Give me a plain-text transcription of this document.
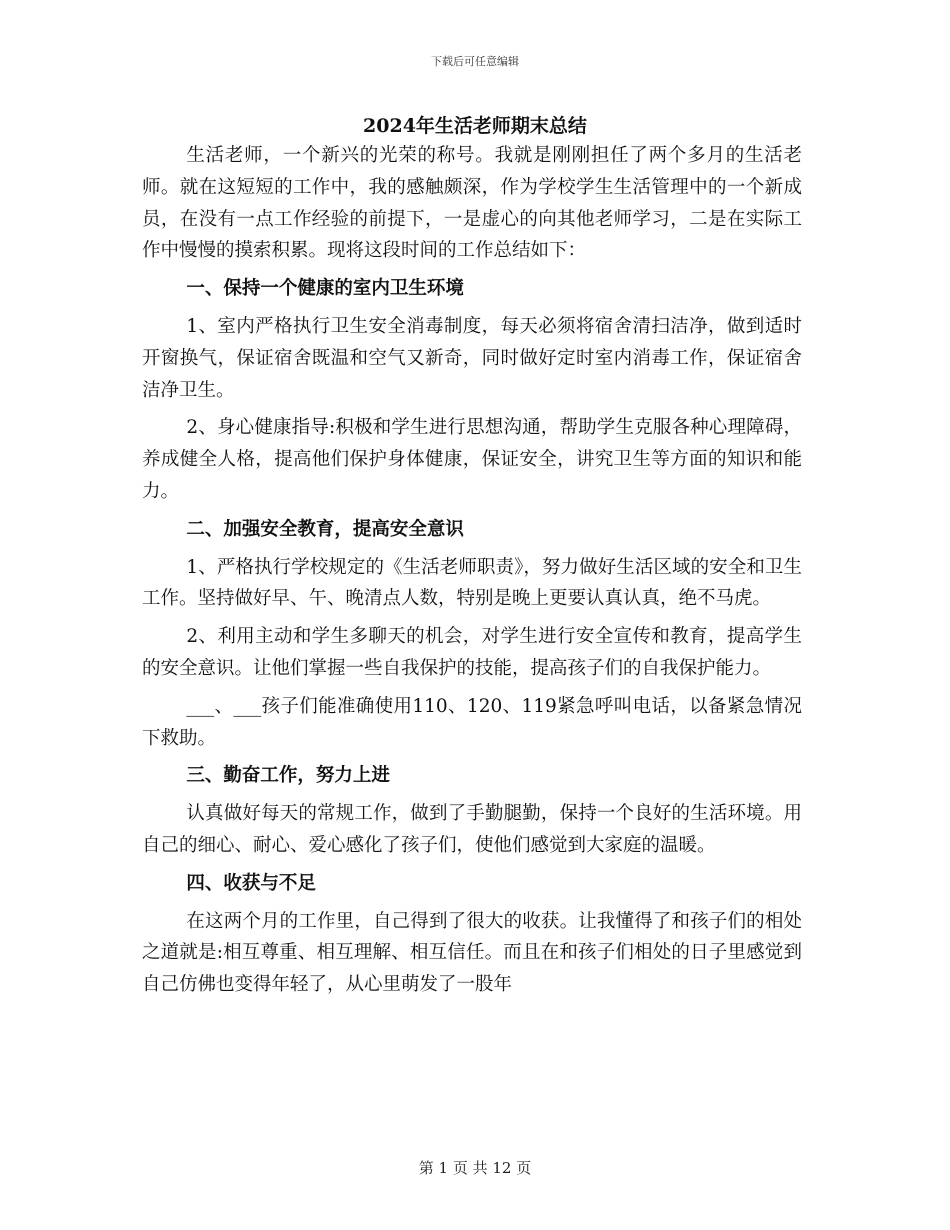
下载后可任意编辑
2024年生活老师期末总结

生活老师，一个新兴的光荣的称号。我就是刚刚担任了两个多月的生活老师。就在这短短的工作中，我的感触颇深，作为学校学生生活管理中的一个新成员，在没有一点工作经验的前提下，一是虚心的向其他老师学习，二是在实际工作中慢慢的摸索积累。现将这段时间的工作总结如下：

一、保持一个健康的室内卫生环境

1、室内严格执行卫生安全消毒制度，每天必须将宿舍清扫洁净，做到适时开窗换气，保证宿舍既温和空气又新奇，同时做好定时室内消毒工作，保证宿舍洁净卫生。

2、身心健康指导:积极和学生进行思想沟通，帮助学生克服各种心理障碍，养成健全人格，提高他们保护身体健康，保证安全，讲究卫生等方面的知识和能力。

二、加强安全教育，提高安全意识

1、严格执行学校规定的《生活老师职责》，努力做好生活区域的安全和卫生工作。坚持做好早、午、晚清点人数，特别是晚上更要认真认真，绝不马虎。

2、利用主动和学生多聊天的机会，对学生进行安全宣传和教育，提高学生的安全意识。让他们掌握一些自我保护的技能，提高孩子们的自我保护能力。

___、___孩子们能准确使用110、120、119紧急呼叫电话，以备紧急情况下救助。

三、勤奋工作，努力上进

认真做好每天的常规工作，做到了手勤腿勤，保持一个良好的生活环境。用自己的细心、耐心、爱心感化了孩子们，使他们感觉到大家庭的温暖。

四、收获与不足

在这两个月的工作里，自己得到了很大的收获。让我懂得了和孩子们的相处之道就是:相互尊重、相互理解、相互信任。而且在和孩子们相处的日子里感觉到自己仿佛也变得年轻了，从心里萌发了一股年

第 1 页 共 12 页
